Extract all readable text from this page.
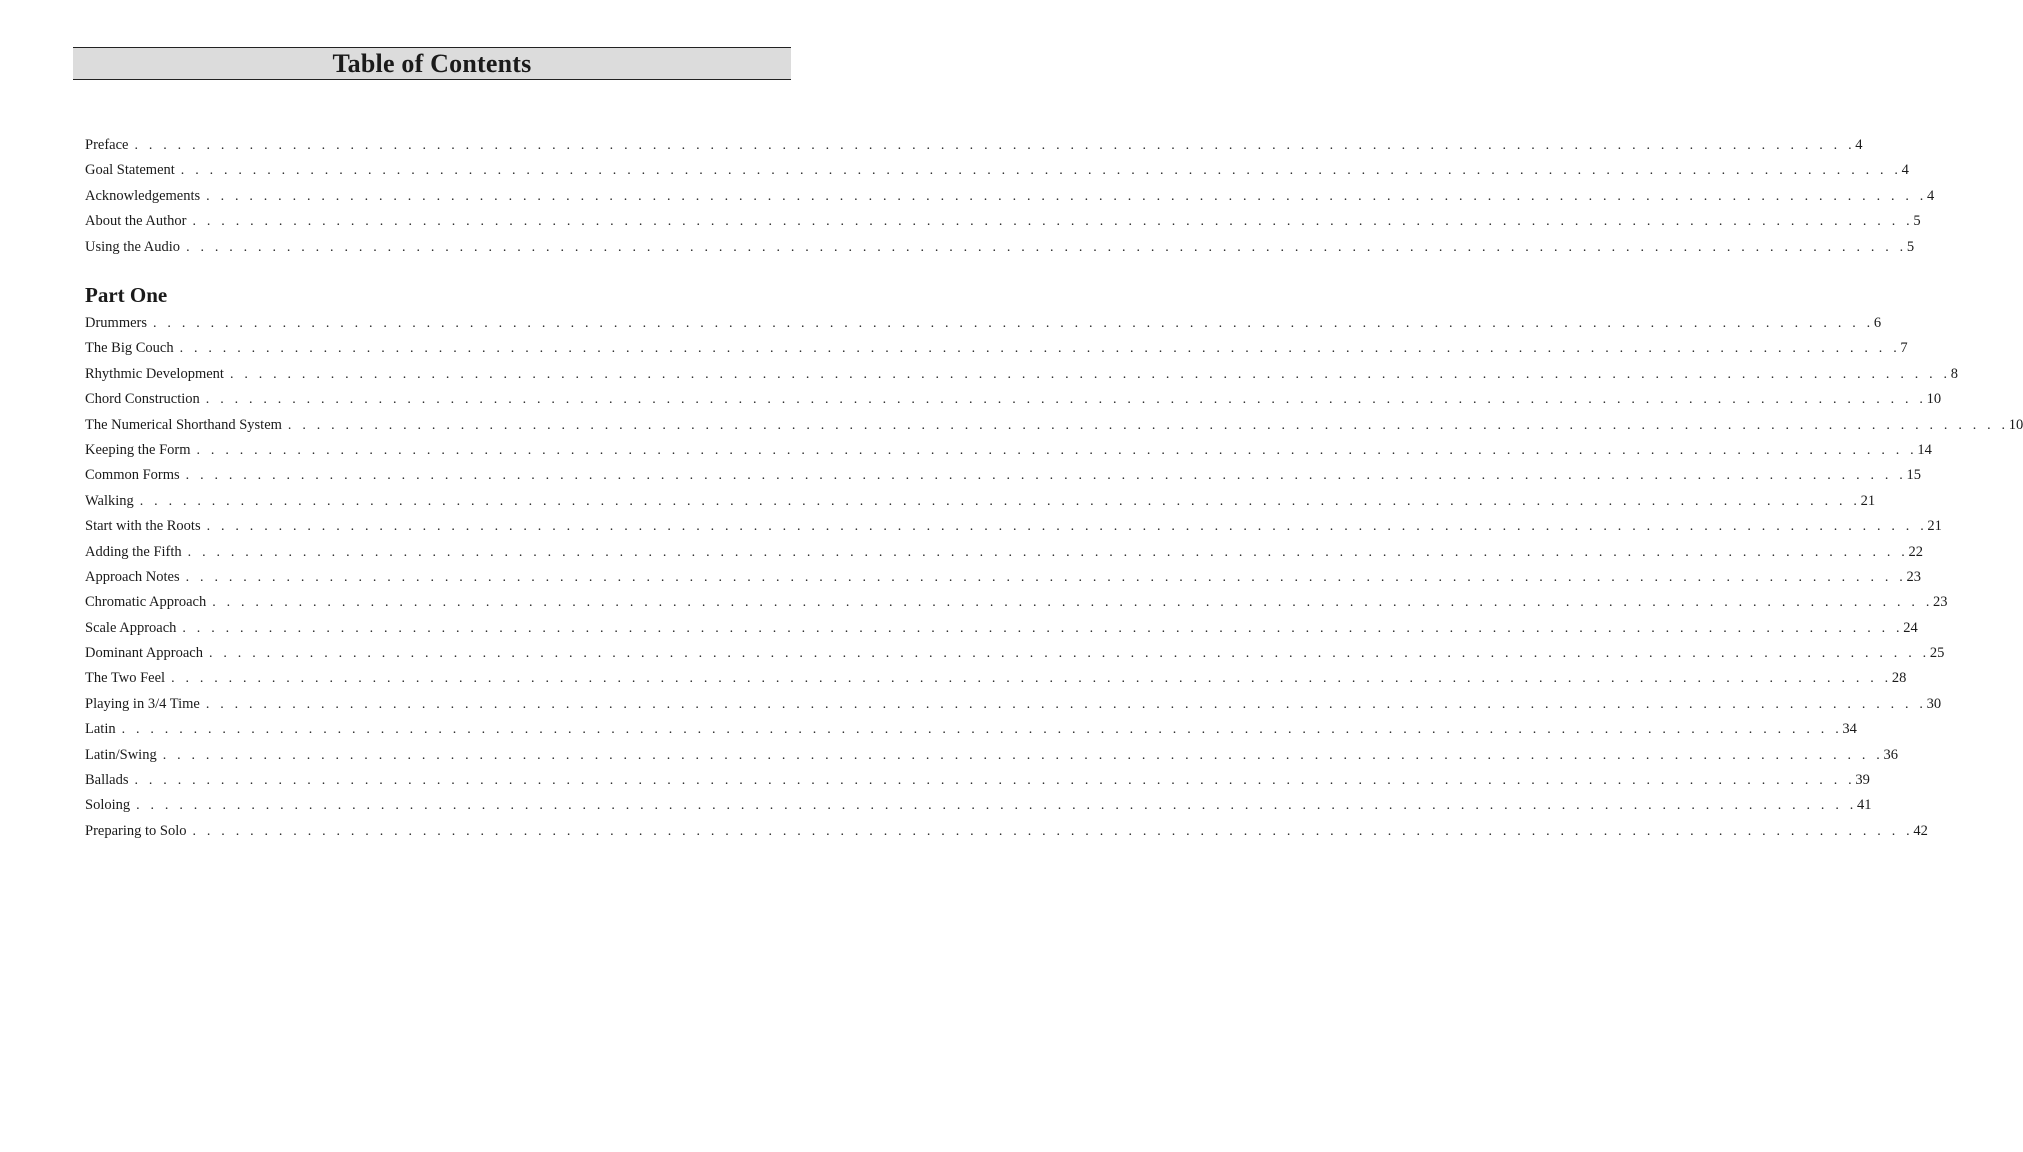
Table of Contents
Preface . . . . . . . . . . . . . . . . . . . . . . . . . . . . . . . . . . . . . . . . . . . . . . . . . . . . . . . . . . . . . . . . . . . . . . . . . . . . . . . . . . . . . . . . . . . . . . . . . . . . . . . . . . . . . . . . . . . . . . . . 4
Goal Statement . . . . . . . . . . . . . . . . . . . . . . . . . . . . . . . . . . . . . . . . . . . . . . . . . . . . . . . . . . . . . . . . . . . . . . . . . . . . . . . . . . . . . . . . . . . . . . . . . . . . . . . . . . . . . . . . . . . . . . . . 4
Acknowledgements . . . . . . . . . . . . . . . . . . . . . . . . . . . . . . . . . . . . . . . . . . . . . . . . . . . . . . . . . . . . . . . . . . . . . . . . . . . . . . . . . . . . . . . . . . . . . . . . . . . . . . . . . . . . . . . . . . . . . . . . 4
About the Author . . . . . . . . . . . . . . . . . . . . . . . . . . . . . . . . . . . . . . . . . . . . . . . . . . . . . . . . . . . . . . . . . . . . . . . . . . . . . . . . . . . . . . . . . . . . . . . . . . . . . . . . . . . . . . . . . . . . . . . . 5
Using the Audio . . . . . . . . . . . . . . . . . . . . . . . . . . . . . . . . . . . . . . . . . . . . . . . . . . . . . . . . . . . . . . . . . . . . . . . . . . . . . . . . . . . . . . . . . . . . . . . . . . . . . . . . . . . . . . . . . . . . . . . . 5
Part One
Drummers . . . . . . . . . . . . . . . . . . . . . . . . . . . . . . . . . . . . . . . . . . . . . . . . . . . . . . . . . . . . . . . . . . . . . . . . . . . . . . . . . . . . . . . . . . . . . . . . . . . . . . . . . . . . . . . . . . . . . . . . 6
The Big Couch . . . . . . . . . . . . . . . . . . . . . . . . . . . . . . . . . . . . . . . . . . . . . . . . . . . . . . . . . . . . . . . . . . . . . . . . . . . . . . . . . . . . . . . . . . . . . . . . . . . . . . . . . . . . . . . . . . . . . . . . 7
Rhythmic Development . . . . . . . . . . . . . . . . . . . . . . . . . . . . . . . . . . . . . . . . . . . . . . . . . . . . . . . . . . . . . . . . . . . . . . . . . . . . . . . . . . . . . . . . . . . . . . . . . . . . . . . . . . . . . . . . . . . . . . . . 8
Chord Construction . . . . . . . . . . . . . . . . . . . . . . . . . . . . . . . . . . . . . . . . . . . . . . . . . . . . . . . . . . . . . . . . . . . . . . . . . . . . . . . . . . . . . . . . . . . . . . . . . . . . . . . . . . . . . . . . . . . . . . . . 10
The Numerical Shorthand System . . . . . . . . . . . . . . . . . . . . . . . . . . . . . . . . . . . . . . . . . . . . . . . . . . . . . . . . . . . . . . . . . . . . . . . . . . . . . . . . . . . . . . . . . . . . . . . . . . . . . . . . . . . . . . . . . . . . . . . . 10
Keeping the Form . . . . . . . . . . . . . . . . . . . . . . . . . . . . . . . . . . . . . . . . . . . . . . . . . . . . . . . . . . . . . . . . . . . . . . . . . . . . . . . . . . . . . . . . . . . . . . . . . . . . . . . . . . . . . . . . . . . . . . . . 14
Common Forms . . . . . . . . . . . . . . . . . . . . . . . . . . . . . . . . . . . . . . . . . . . . . . . . . . . . . . . . . . . . . . . . . . . . . . . . . . . . . . . . . . . . . . . . . . . . . . . . . . . . . . . . . . . . . . . . . . . . . . . . 15
Walking . . . . . . . . . . . . . . . . . . . . . . . . . . . . . . . . . . . . . . . . . . . . . . . . . . . . . . . . . . . . . . . . . . . . . . . . . . . . . . . . . . . . . . . . . . . . . . . . . . . . . . . . . . . . . . . . . . . . . . . . 21
Start with the Roots . . . . . . . . . . . . . . . . . . . . . . . . . . . . . . . . . . . . . . . . . . . . . . . . . . . . . . . . . . . . . . . . . . . . . . . . . . . . . . . . . . . . . . . . . . . . . . . . . . . . . . . . . . . . . . . . . . . . . . . . 21
Adding the Fifth . . . . . . . . . . . . . . . . . . . . . . . . . . . . . . . . . . . . . . . . . . . . . . . . . . . . . . . . . . . . . . . . . . . . . . . . . . . . . . . . . . . . . . . . . . . . . . . . . . . . . . . . . . . . . . . . . . . . . . . . 22
Approach Notes . . . . . . . . . . . . . . . . . . . . . . . . . . . . . . . . . . . . . . . . . . . . . . . . . . . . . . . . . . . . . . . . . . . . . . . . . . . . . . . . . . . . . . . . . . . . . . . . . . . . . . . . . . . . . . . . . . . . . . . . 23
Chromatic Approach . . . . . . . . . . . . . . . . . . . . . . . . . . . . . . . . . . . . . . . . . . . . . . . . . . . . . . . . . . . . . . . . . . . . . . . . . . . . . . . . . . . . . . . . . . . . . . . . . . . . . . . . . . . . . . . . . . . . . . . . 23
Scale Approach . . . . . . . . . . . . . . . . . . . . . . . . . . . . . . . . . . . . . . . . . . . . . . . . . . . . . . . . . . . . . . . . . . . . . . . . . . . . . . . . . . . . . . . . . . . . . . . . . . . . . . . . . . . . . . . . . . . . . . . . 24
Dominant Approach . . . . . . . . . . . . . . . . . . . . . . . . . . . . . . . . . . . . . . . . . . . . . . . . . . . . . . . . . . . . . . . . . . . . . . . . . . . . . . . . . . . . . . . . . . . . . . . . . . . . . . . . . . . . . . . . . . . . . . . . 25
The Two Feel . . . . . . . . . . . . . . . . . . . . . . . . . . . . . . . . . . . . . . . . . . . . . . . . . . . . . . . . . . . . . . . . . . . . . . . . . . . . . . . . . . . . . . . . . . . . . . . . . . . . . . . . . . . . . . . . . . . . . . . . 28
Playing in 3/4 Time . . . . . . . . . . . . . . . . . . . . . . . . . . . . . . . . . . . . . . . . . . . . . . . . . . . . . . . . . . . . . . . . . . . . . . . . . . . . . . . . . . . . . . . . . . . . . . . . . . . . . . . . . . . . . . . . . . . . . . . . 30
Latin . . . . . . . . . . . . . . . . . . . . . . . . . . . . . . . . . . . . . . . . . . . . . . . . . . . . . . . . . . . . . . . . . . . . . . . . . . . . . . . . . . . . . . . . . . . . . . . . . . . . . . . . . . . . . . . . . . . . . . . . 34
Latin/Swing . . . . . . . . . . . . . . . . . . . . . . . . . . . . . . . . . . . . . . . . . . . . . . . . . . . . . . . . . . . . . . . . . . . . . . . . . . . . . . . . . . . . . . . . . . . . . . . . . . . . . . . . . . . . . . . . . . . . . . . . 36
Ballads . . . . . . . . . . . . . . . . . . . . . . . . . . . . . . . . . . . . . . . . . . . . . . . . . . . . . . . . . . . . . . . . . . . . . . . . . . . . . . . . . . . . . . . . . . . . . . . . . . . . . . . . . . . . . . . . . . . . . . . . 39
Soloing . . . . . . . . . . . . . . . . . . . . . . . . . . . . . . . . . . . . . . . . . . . . . . . . . . . . . . . . . . . . . . . . . . . . . . . . . . . . . . . . . . . . . . . . . . . . . . . . . . . . . . . . . . . . . . . . . . . . . . . . 41
Preparing to Solo . . . . . . . . . . . . . . . . . . . . . . . . . . . . . . . . . . . . . . . . . . . . . . . . . . . . . . . . . . . . . . . . . . . . . . . . . . . . . . . . . . . . . . . . . . . . . . . . . . . . . . . . . . . . . . . . . . . . . . . . 42
